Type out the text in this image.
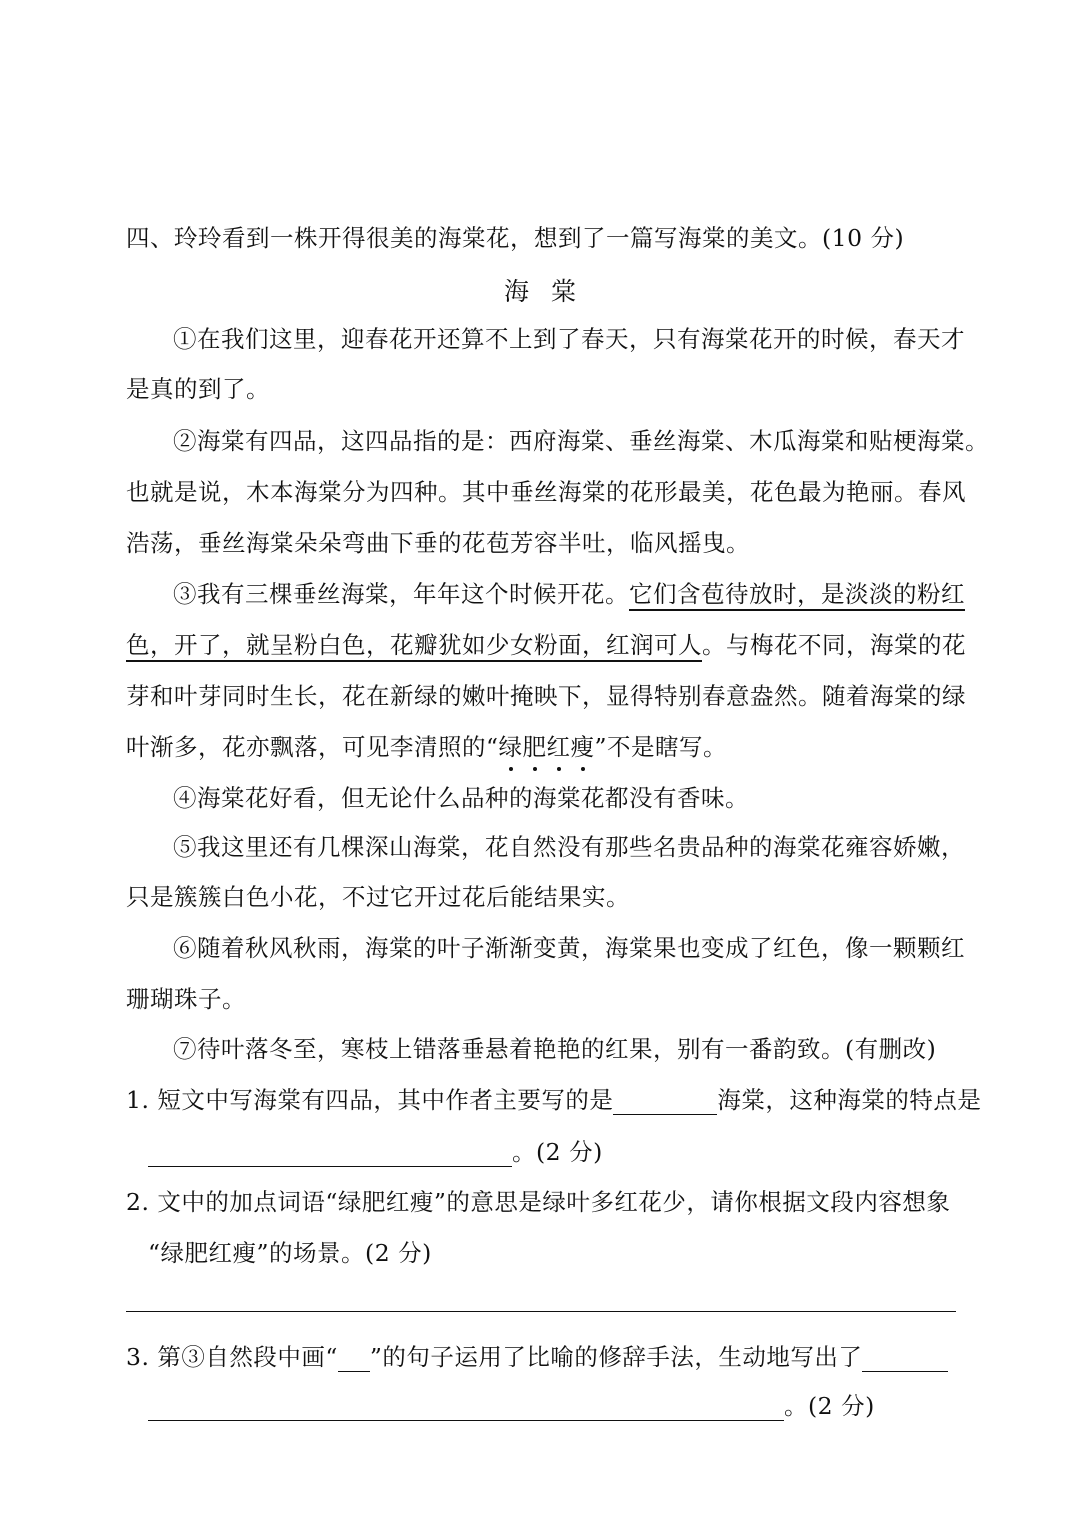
四、玲玲看到一株开得很美的海棠花，想到了一篇写海棠的美文。(10 分)
海棠
①在我们这里，迎春花开还算不上到了春天，只有海棠花开的时候，春天才
是真的到了。
②海棠有四品，这四品指的是：西府海棠、垂丝海棠、木瓜海棠和贴梗海棠。
也就是说，木本海棠分为四种。其中垂丝海棠的花形最美，花色最为艳丽。春风
浩荡，垂丝海棠朵朵弯曲下垂的花苞芳容半吐，临风摇曳。
③我有三棵垂丝海棠，年年这个时候开花。它们含苞待放时，是淡淡的粉红
色，开了，就呈粉白色，花瓣犹如少女粉面，红润可人。与梅花不同，海棠的花
芽和叶芽同时生长，花在新绿的嫩叶掩映下，显得特别春意盎然。随着海棠的绿
叶渐多，花亦飘落，可见李清照的“绿肥红瘦”不是瞎写。
④海棠花好看，但无论什么品种的海棠花都没有香味。
⑤我这里还有几棵深山海棠，花自然没有那些名贵品种的海棠花雍容娇嫩，
只是簇簇白色小花，不过它开过花后能结果实。
⑥随着秋风秋雨，海棠的叶子渐渐变黄，海棠果也变成了红色，像一颗颗红
珊瑚珠子。
⑦待叶落冬至，寒枝上错落垂悬着艳艳的红果，别有一番韵致。(有删改)
1. 短文中写海棠有四品，其中作者主要写的是	海棠，这种海棠的特点是
。(2 分)
2. 文中的加点词语“绿肥红瘦”的意思是绿叶多红花少，请你根据文段内容想象
“绿肥红瘦”的场景。(2 分)
3. 第③自然段中画“ ”的句子运用了比喻的修辞手法，生动地写出了
。(2 分)
